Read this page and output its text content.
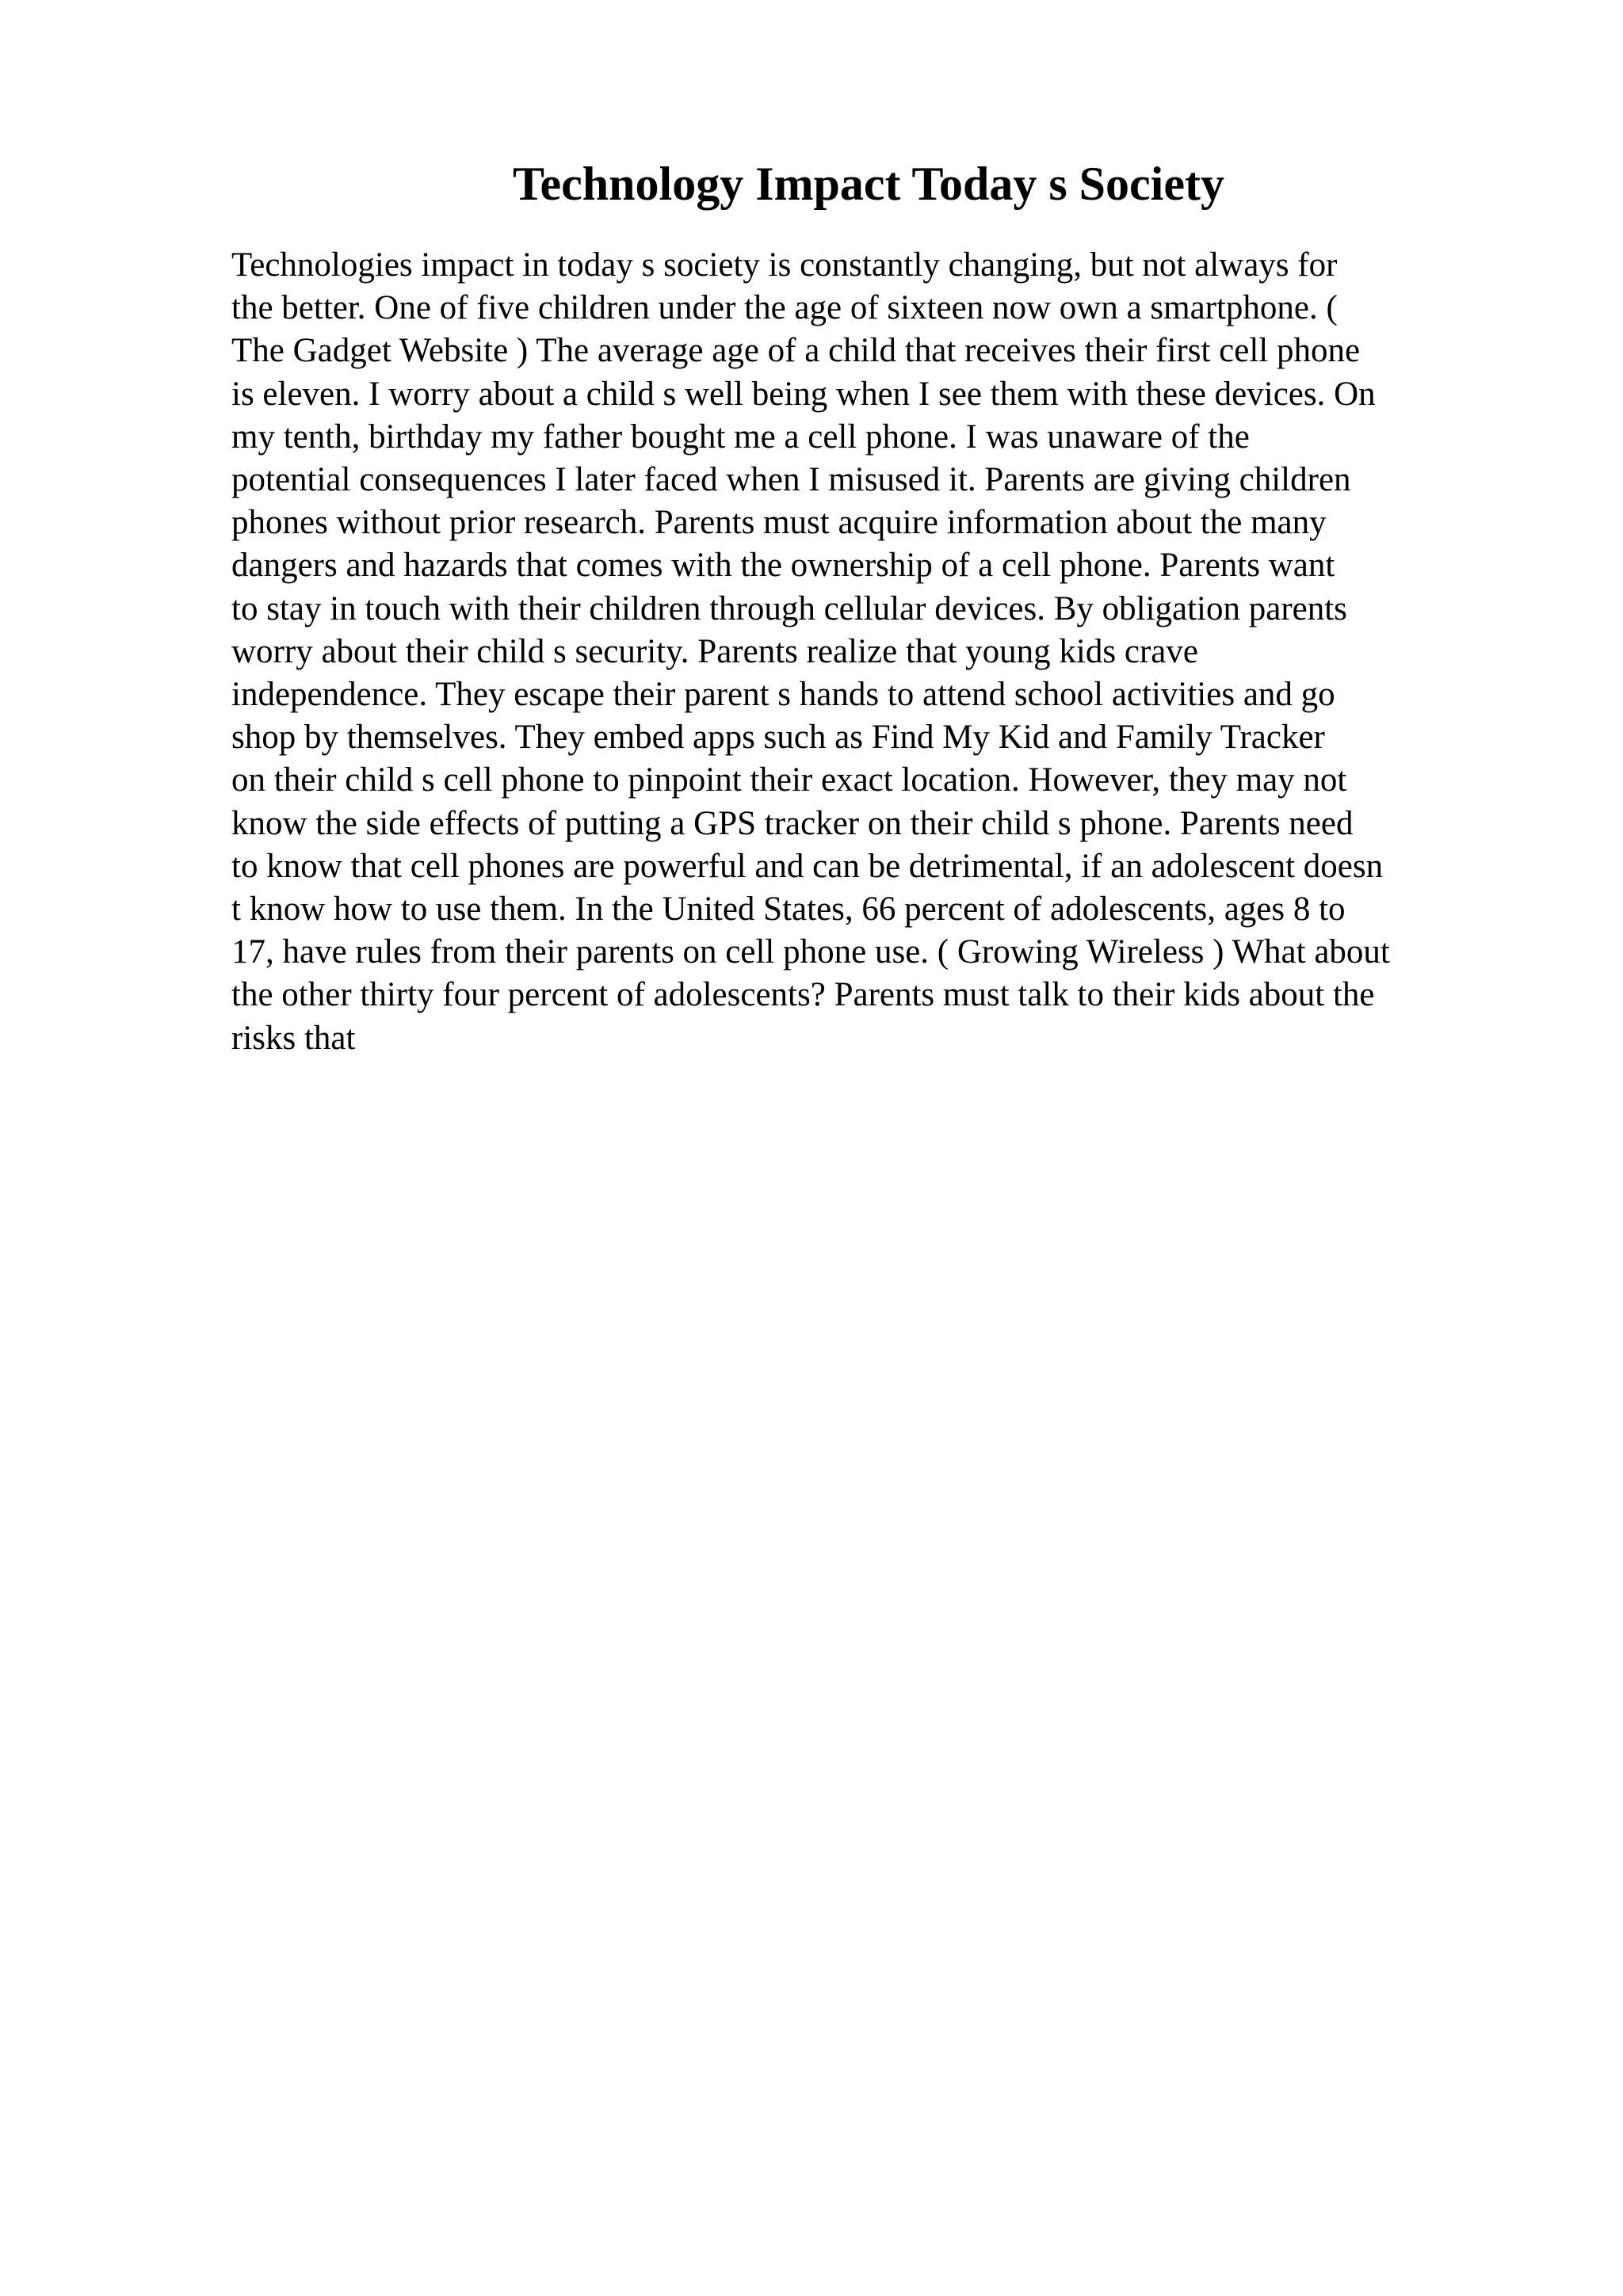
Technology Impact Today s Society
Technologies impact in today s society is constantly changing, but not always for
the better. One of five children under the age of sixteen now own a smartphone. (
The Gadget Website ) The average age of a child that receives their first cell phone
is eleven. I worry about a child s well being when I see them with these devices. On
my tenth, birthday my father bought me a cell phone. I was unaware of the
potential consequences I later faced when I misused it. Parents are giving children
phones without prior research. Parents must acquire information about the many
dangers and hazards that comes with the ownership of a cell phone. Parents want
to stay in touch with their children through cellular devices. By obligation parents
worry about their child s security. Parents realize that young kids crave
independence. They escape their parent s hands to attend school activities and go
shop by themselves. They embed apps such as Find My Kid and Family Tracker
on their child s cell phone to pinpoint their exact location. However, they may not
know the side effects of putting a GPS tracker on their child s phone. Parents need
to know that cell phones are powerful and can be detrimental, if an adolescent doesn
t know how to use them. In the United States, 66 percent of adolescents, ages 8 to
17, have rules from their parents on cell phone use. ( Growing Wireless ) What about
the other thirty four percent of adolescents? Parents must talk to their kids about the
risks that
